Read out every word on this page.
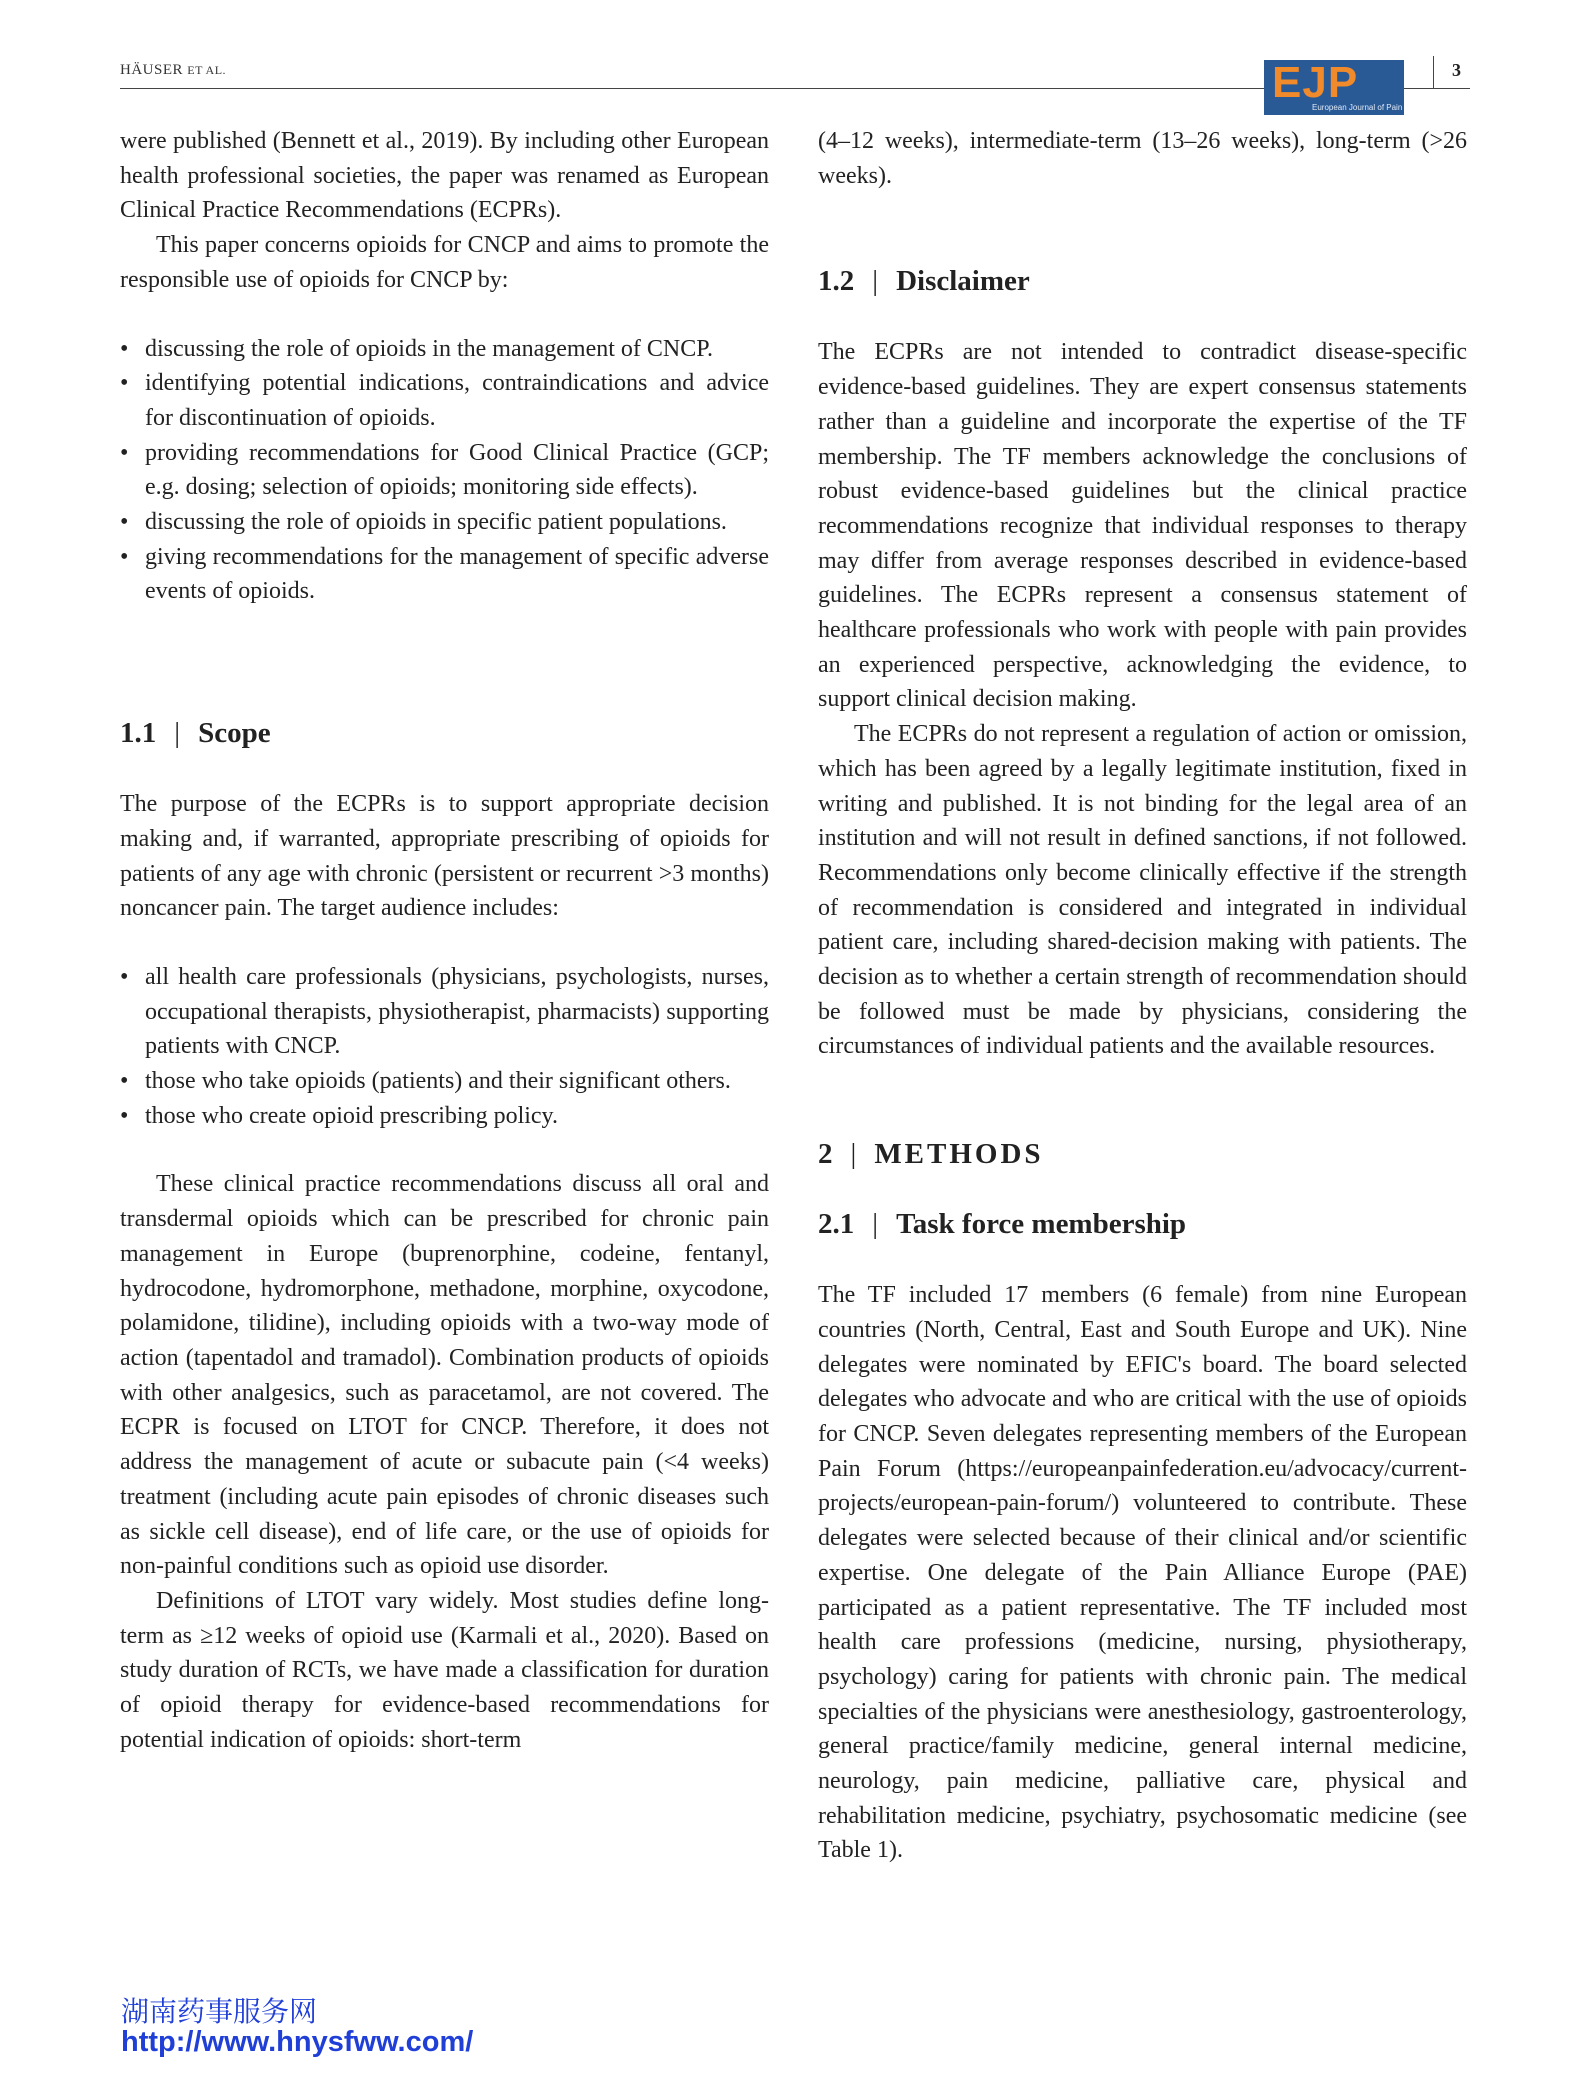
HÄUSER ET AL.	EJP
European Journal of Pain
3

were published (Bennett et al., 2019). By including other European health professional societies, the paper was renamed as European Clinical Practice Recommendations (ECPRs).

This paper concerns opioids for CNCP and aims to promote the responsible use of opioids for CNCP by:

• discussing the role of opioids in the management of CNCP.
• identifying potential indications, contraindications and advice for discontinuation of opioids.
• providing recommendations for Good Clinical Practice (GCP; e.g. dosing; selection of opioids; monitoring side effects).
• discussing the role of opioids in specific patient populations.
• giving recommendations for the management of specific adverse events of opioids.
1.1 | Scope

The purpose of the ECPRs is to support appropriate decision making and, if warranted, appropriate prescribing of opioids for patients of any age with chronic (persistent or recurrent >3 months) noncancer pain. The target audience includes:

• all health care professionals (physicians, psychologists, nurses, occupational therapists, physiotherapist, pharmacists) supporting patients with CNCP.
• those who take opioids (patients) and their significant others.
• those who create opioid prescribing policy.

These clinical practice recommendations discuss all oral and transdermal opioids which can be prescribed for chronic pain management in Europe (buprenorphine, codeine, fentanyl, hydrocodone, hydromorphone, methadone, morphine, oxycodone, polamidone, tilidine), including opioids with a two-way mode of action (tapentadol and tramadol). Combination products of opioids with other analgesics, such as paracetamol, are not covered. The ECPR is focused on LTOT for CNCP. Therefore, it does not address the management of acute or subacute pain (<4 weeks) treatment (including acute pain episodes of chronic diseases such as sickle cell disease), end of life care, or the use of opioids for non-painful conditions such as opioid use disorder.

Definitions of LTOT vary widely. Most studies define long-term as ≥12 weeks of opioid use (Karmali et al., 2020). Based on study duration of RCTs, we have made a classification for duration of opioid therapy for evidence-based recommendations for potential indication of opioids: short-term

(4–12 weeks), intermediate-term (13–26 weeks), long-term (>26 weeks).

1.2 | Disclaimer

The ECPRs are not intended to contradict disease-specific evidence-based guidelines. They are expert consensus statements rather than a guideline and incorporate the expertise of the TF membership. The TF members acknowledge the conclusions of robust evidence-based guidelines but the clinical practice recommendations recognize that individual responses to therapy may differ from average responses described in evidence-based guidelines. The ECPRs represent a consensus statement of healthcare professionals who work with people with pain provides an experienced perspective, acknowledging the evidence, to support clinical decision making.

The ECPRs do not represent a regulation of action or omission, which has been agreed by a legally legitimate institution, fixed in writing and published. It is not binding for the legal area of an institution and will not result in defined sanctions, if not followed. Recommendations only become clinically effective if the strength of recommendation is considered and integrated in individual patient care, including shared-decision making with patients. The decision as to whether a certain strength of recommendation should be followed must be made by physicians, considering the circumstances of individual patients and the available resources.

2 | METHODS
2.1 | Task force membership

The TF included 17 members (6 female) from nine European countries (North, Central, East and South Europe and UK). Nine delegates were nominated by EFIC's board. The board selected delegates who advocate and who are critical with the use of opioids for CNCP. Seven delegates representing members of the European Pain Forum (https://europeanpainfederation.eu/advocacy/current-projects/european-pain-forum/) volunteered to contribute. These delegates were selected because of their clinical and/or scientific expertise. One delegate of the Pain Alliance Europe (PAE) participated as a patient representative. The TF included most health care professions (medicine, nursing, physiotherapy, psychology) caring for patients with chronic pain. The medical specialties of the physicians were anesthesiology, gastroenterology, general practice/family medicine, general internal medicine, neurology, pain medicine, palliative care, physical and rehabilitation medicine, psychiatry, psychosomatic medicine (see Table 1).

湖南药事服务网
http://www.hnysfww.com/
